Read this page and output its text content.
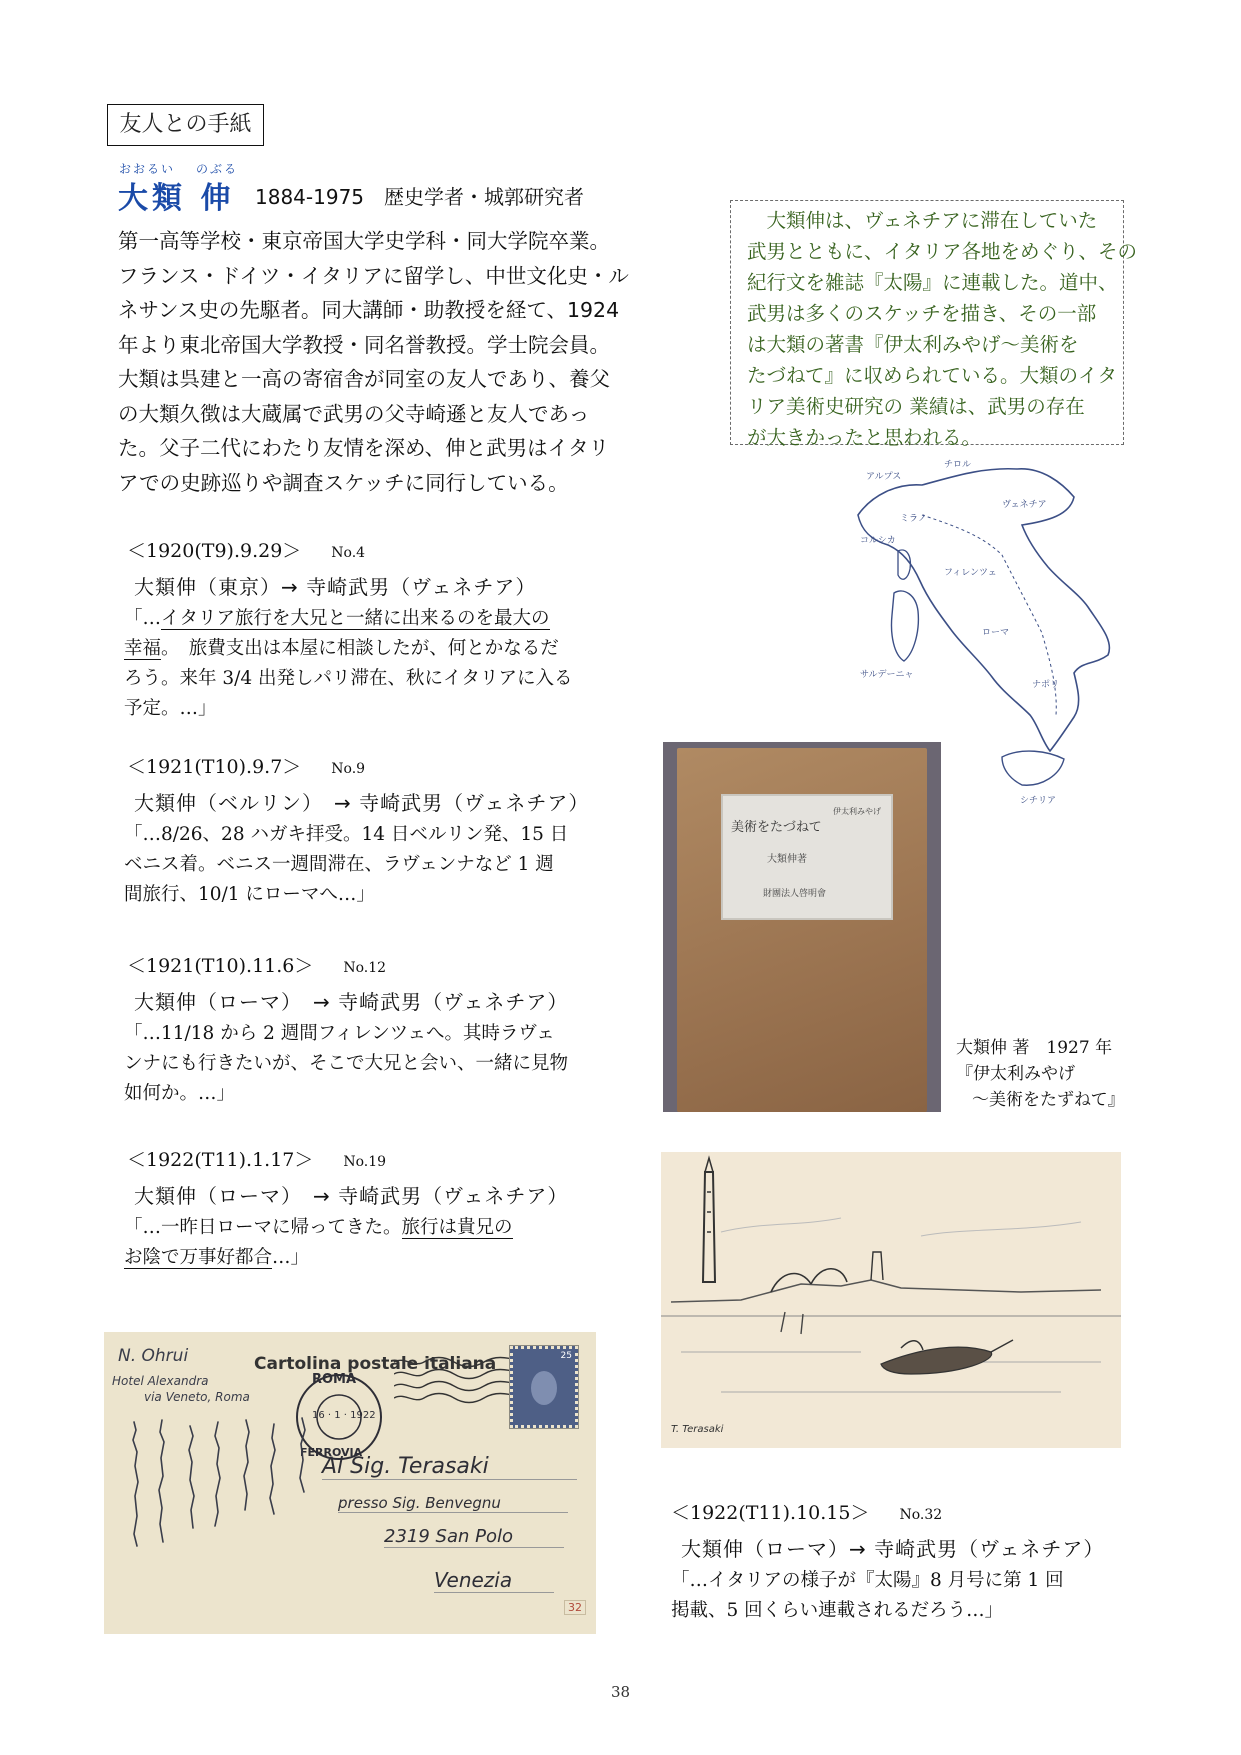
友人との手紙
おおるい のぶる
大類 伸 1884-1975　歴史学者・城郭研究者
第一高等学校・東京帝国大学史学科・同大学院卒業。
フランス・ドイツ・イタリアに留学し、中世文化史・ル
ネサンス史の先駆者。同大講師・助教授を経て、1924
年より東北帝国大学教授・同名誉教授。学士院会員。
大類は呉建と一高の寄宿舎が同室の友人であり、養父
の大類久徴は大蔵属で武男の父寺崎遜と友人であっ
た。父子二代にわたり友情を深め、伸と武男はイタリ
アでの史跡巡りや調査スケッチに同行している。
　大類伸は、ヴェネチアに滞在していた
武男とともに、イタリア各地をめぐり、その
紀行文を雑誌『太陽』に連載した。道中、
武男は多くのスケッチを描き、その一部
は大類の著書『伊太利みやげ～美術を
たづねて』に収められている。大類のイタ
リア美術史研究の 業績は、武男の存在
が大きかったと思われる。
アルプス
チロル
ミラノ
ヴェネチア
フィレンツェ
ローマ
ナポリ
シチリア
サルデーニャ
コルシカ
＜1920(T9).9.29＞ No.4
大類伸（東京）→ 寺崎武男（ヴェネチア）
「…イタリア旅行を大兄と一緒に出来るのを最大の
幸福。　旅費支出は本屋に相談したが、何とかなるだ
ろう。来年 3/4 出発しパリ滞在、秋にイタリアに入る
予定。…」
＜1921(T10).9.7＞ No.9
大類伸（ベルリン）　→ 寺崎武男（ヴェネチア）
「…8/26、28 ハガキ拝受。14 日ベルリン発、15 日
ベニス着。ベニス一週間滞在、ラヴェンナなど 1 週
間旅行、10/1 にローマへ…」
＜1921(T10).11.6＞ No.12
大類伸（ローマ）　→ 寺崎武男（ヴェネチア）
「…11/18 から 2 週間フィレンツェへ。其時ラヴェ
ンナにも行きたいが、そこで大兄と会い、一緒に見物
如何か。…」
＜1922(T11).1.17＞ No.19
大類伸（ローマ）　→ 寺崎武男（ヴェネチア）
「…一昨日ローマに帰ってきた。旅行は貴兄の
お陰で万事好都合…」
美術をたづねて
伊太利みやげ
大類伸著
財團法人啓明會
大類伸 著　1927 年
『伊太利みやげ
～美術をたずねて』
T. Terasaki
＜1922(T11).10.15＞ No.32
大類伸（ローマ）→ 寺崎武男（ヴェネチア）
「…イタリアの様子が『太陽』8 月号に第 1 回
掲載、5 回くらい連載されるだろう…」
Cartolina postale italiana
N. Ohrui
Hotel Alexandra
via Veneto, Roma
ROMA
FERROVIA
16 · 1 · 1922
25
Al Sig. Terasaki
presso Sig. Benvegnu
2319 San Polo
Venezia
32
38
